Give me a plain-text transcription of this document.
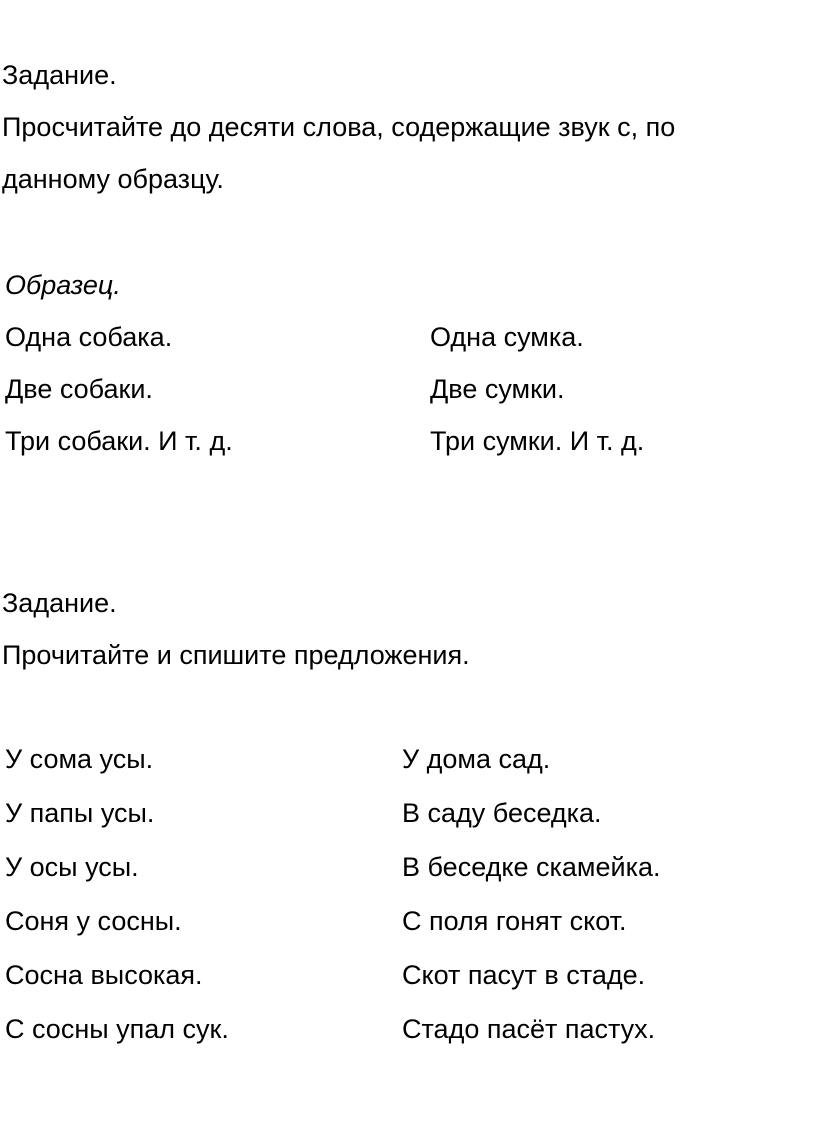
Задание.
Просчитайте до десяти слова, содержащие звук с, по
данному образцу.
Образец.
Одна собака.
Две собаки.
Три собаки. И т. д.
Одна сумка.
Две сумки.
Три сумки. И т. д.
Задание.
Прочитайте и спишите предложения.
У сома усы.
У папы усы.
У осы усы.
Соня у сосны.
Сосна высокая.
С сосны упал сук.
У дома сад.
В саду беседка.
В беседке скамейка.
С поля гонят скот.
Скот пасут в стаде.
Стадо пасёт пастух.
